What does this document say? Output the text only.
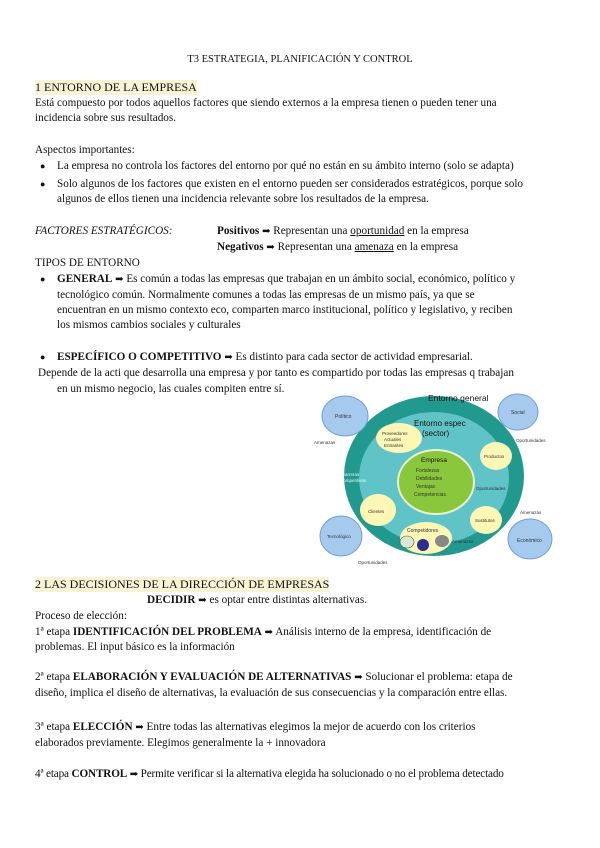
T3 ESTRATEGIA, PLANIFICACIÓN Y CONTROL
1 ENTORNO DE LA EMPRESA
Está compuesto por todos aquellos factores que siendo externos a la empresa tienen o pueden tener una
incidencia sobre sus resultados.
Aspectos importantes:
● La empresa no controla los factores del entorno por qué no están en su ámbito interno (solo se adapta)
● Solo algunos de los factores que existen en el entorno pueden ser considerados estratégicos, porque solo
algunos de ellos tienen una incidencia relevante sobre los resultados de la empresa.
FACTORES ESTRATÉGICOS:	Positivos ➡ Representan una oportunidad en la empresa
Negativos ➡ Representan una amenaza en la empresa
TIPOS DE ENTORNO
● GENERAL ➡ Es común a todas las empresas que trabajan en un ámbito social, económico, político y
tecnológico común. Normalmente comunes a todas las empresas de un mismo país, ya que se
encuentran en un mismo contexto eco, comparten marco institucional, político y legislativo, y reciben
los mismos cambios sociales y culturales
● ESPECÍFICO O COMPETITIVO ➡ Es distinto para cada sector de actividad empresarial.
Depende de la acti que desarrolla una empresa y por tanto es compartido por todas las empresas q trabajan
en un mismo negocio, las cuales compiten entre sí.
Entorno general
Entorno espec
(sector)
Empresa
Fortalezas
Debilidades
Ventajas
Competencias
Proveedores
Actuales
Entrantes
Productos
Clientes
Sustitutos
Competidores
Amenazas
Barreras
Competitivas
Oportunidades
Político
Amenazas
Social
Oportunidades
Tecnológico
Económico
Amenazas
Oportunidades
2 LAS DECISIONES DE LA DIRECCIÓN DE EMPRESAS
DECIDIR ➡ es optar entre distintas alternativas.
Proceso de elección:
1ª etapa IDENTIFICACIÓN DEL PROBLEMA ➡ Análisis interno de la empresa, identificación de
problemas. El input básico es la información
2ª etapa ELABORACIÓN Y EVALUACIÓN DE ALTERNATIVAS ➡ Solucionar el problema: etapa de
diseño, implica el diseño de alternativas, la evaluación de sus consecuencias y la comparación entre ellas.
3ª etapa ELECCIÓN ➡ Entre todas las alternativas elegimos la mejor de acuerdo con los criterios
elaborados previamente. Elegimos generalmente la + innovadora
4ª etapa CONTROL ➡ Permite verificar si la alternativa elegida ha solucionado o no el problema detectado
